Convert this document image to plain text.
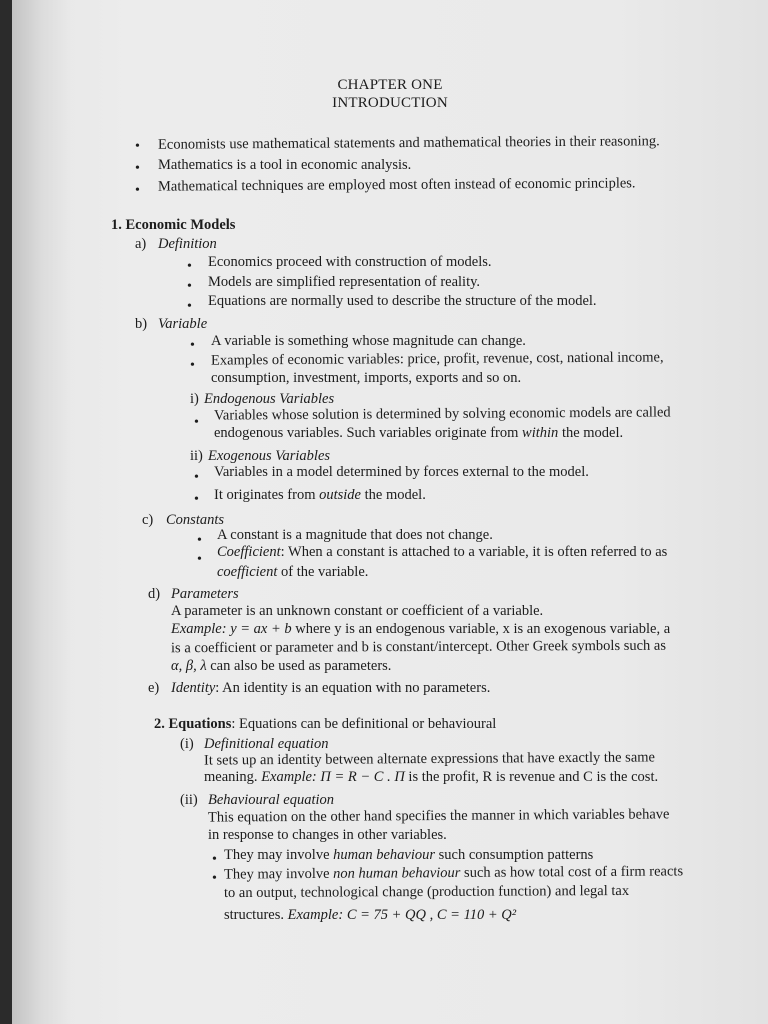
CHAPTER ONE
INTRODUCTION
• Economists use mathematical statements and mathematical theories in their reasoning.
• Mathematics is a tool in economic analysis.
• Mathematical techniques are employed most often instead of economic principles.
1. Economic Models
a) Definition
• Economics proceed with construction of models.
• Models are simplified representation of reality.
• Equations are normally used to describe the structure of the model.
b) Variable
• A variable is something whose magnitude can change.
• Examples of economic variables: price, profit, revenue, cost, national income,
consumption, investment, imports, exports and so on.
i) Endogenous Variables
• Variables whose solution is determined by solving economic models are called
endogenous variables. Such variables originate from within the model.
ii) Exogenous Variables
• Variables in a model determined by forces external to the model.
• It originates from outside the model.
c) Constants
• A constant is a magnitude that does not change.
• Coefficient: When a constant is attached to a variable, it is often referred to as
coefficient of the variable.
d) Parameters
A parameter is an unknown constant or coefficient of a variable.
Example: y = ax + b where y is an endogenous variable, x is an exogenous variable, a
is a coefficient or parameter and b is constant/intercept. Other Greek symbols such as
α, β, λ can also be used as parameters.
e) Identity: An identity is an equation with no parameters.
2. Equations: Equations can be definitional or behavioural
(i) Definitional equation
It sets up an identity between alternate expressions that have exactly the same
meaning. Example: Π = R − C . Π is the profit, R is revenue and C is the cost.
(ii) Behavioural equation
This equation on the other hand specifies the manner in which variables behave
in response to changes in other variables.
• They may involve human behaviour such consumption patterns
• They may involve non human behaviour such as how total cost of a firm reacts
to an output, technological change (production function) and legal tax
structures. Example: C = 75 + QQ , C = 110 + Q²
